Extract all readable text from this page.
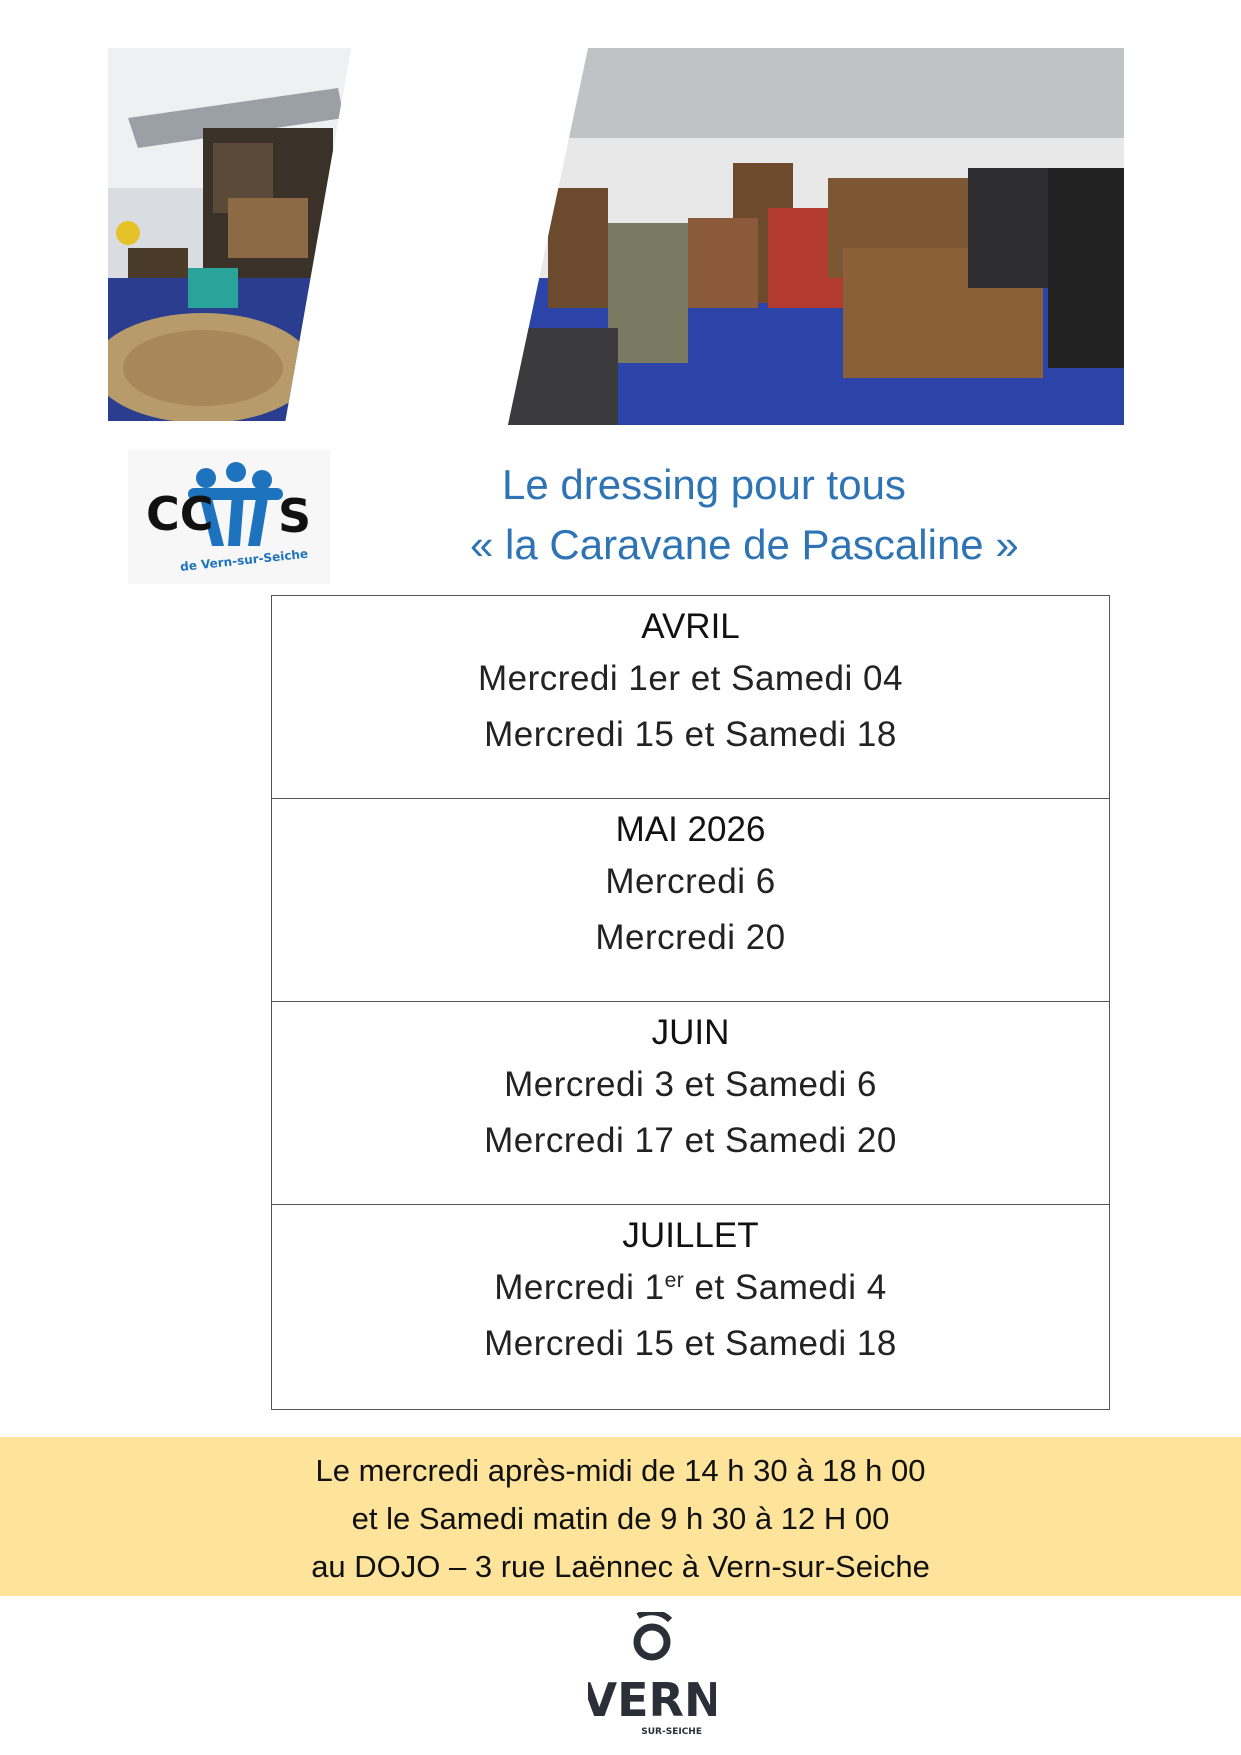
CC S
de Vern-sur-Seiche
Le dressing pour tous
« la Caravane de Pascaline »
AVRIL
Mercredi 1er et Samedi 04
Mercredi 15 et Samedi 18
MAI 2026
Mercredi 6
Mercredi 20
JUIN
Mercredi 3 et Samedi 6
Mercredi 17 et Samedi 20
JUILLET
Mercredi 1er et Samedi 4
Mercredi 15 et Samedi 18
Le mercredi après-midi de 14 h 30 à 18 h 00
et le Samedi matin de 9 h 30 à 12 H 00
au DOJO – 3 rue Laënnec à Vern-sur-Seiche
VERN
SUR-SEICHE
